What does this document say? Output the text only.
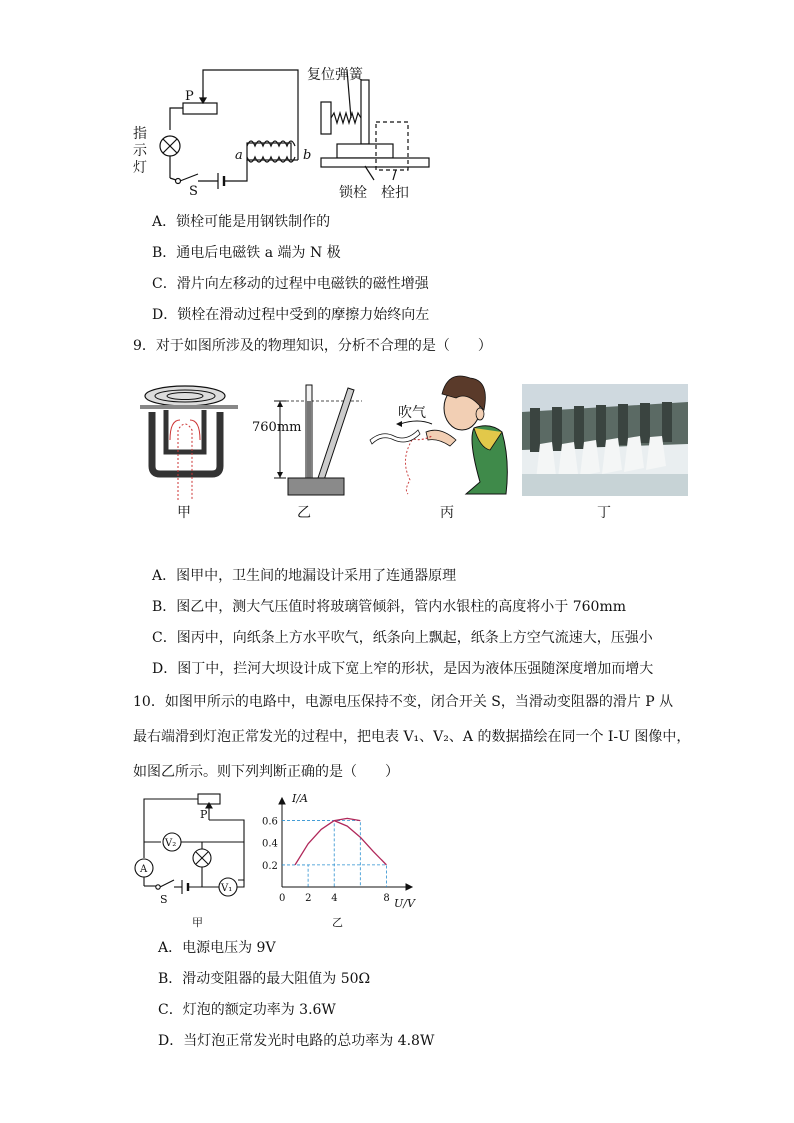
P
指
示
灯
S
a	b
复位弹簧
锁栓 栓扣
A．锁栓可能是用钢铁制作的
B．通电后电磁铁 a 端为 N 极
C．滑片向左移动的过程中电磁铁的磁性增强
D．锁栓在滑动过程中受到的摩擦力始终向左
9．对于如图所涉及的物理知识，分析不合理的是（　　）
甲
760mm
乙
吹气
丙	丁
A．图甲中，卫生间的地漏设计采用了连通器原理
B．图乙中，测大气压值时将玻璃管倾斜，管内水银柱的高度将小于 760mm
C．图丙中，向纸条上方水平吹气，纸条向上飘起，纸条上方空气流速大，压强小
D．图丁中，拦河大坝设计成下宽上窄的形状，是因为液体压强随深度增加而增大
10．如图甲所示的电路中，电源电压保持不变，闭合开关 S，当滑动变阻器的滑片 P 从
最右端滑到灯泡正常发光的过程中，把电表 V₁、V₂、A 的数据描绘在同一个 I-U 图像中，
如图乙所示。则下列判断正确的是（　　）
P
V₂
A
V₁
S
甲
0 2 4	8
0.2
0.4
0.6
I/A
U/V
乙
A．电源电压为 9V
B．滑动变阻器的最大阻值为 50Ω
C．灯泡的额定功率为 3.6W
D．当灯泡正常发光时电路的总功率为 4.8W
